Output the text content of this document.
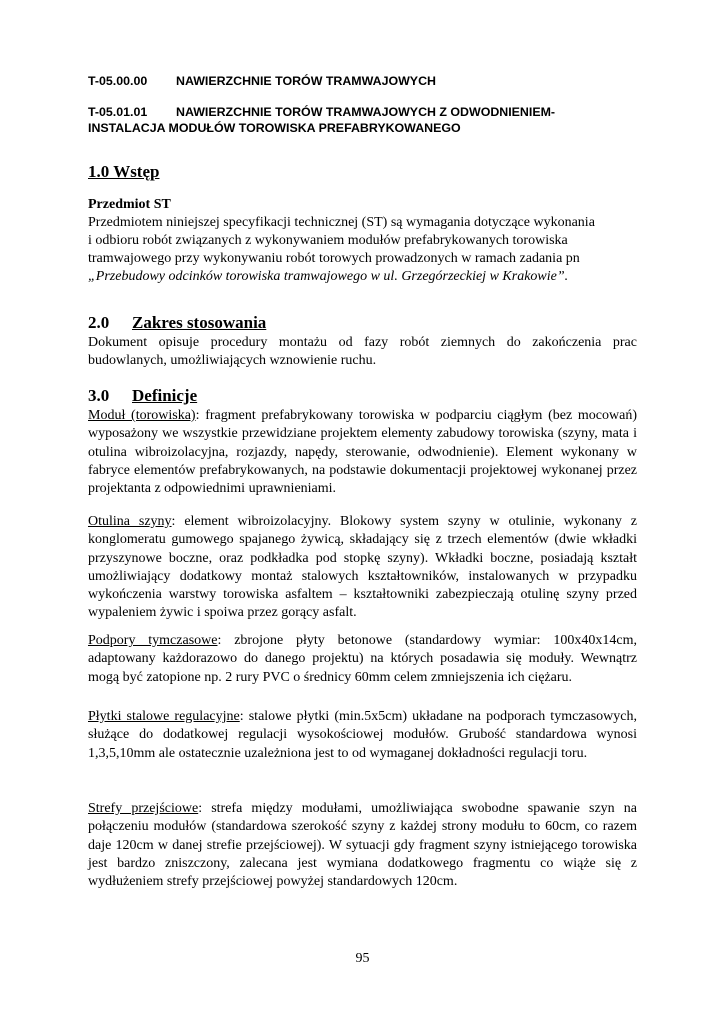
T-05.00.00 NAWIERZCHNIE TORÓW TRAMWAJOWYCH
T-05.01.01 NAWIERZCHNIE TORÓW TRAMWAJOWYCH Z ODWODNIENIEM-
INSTALACJA MODUŁÓW TOROWISKA PREFABRYKOWANEGO
1.0 Wstęp
Przedmiot ST
Przedmiotem niniejszej specyfikacji technicznej (ST) są wymagania dotyczące wykonania
i odbioru robót związanych z wykonywaniem modułów prefabrykowanych torowiska
tramwajowego przy wykonywaniu robót torowych prowadzonych w ramach zadania pn
„Przebudowy odcinków torowiska tramwajowego w ul. Grzegórzeckiej w Krakowie”.
2.0 Zakres stosowania
Dokument opisuje procedury montażu od fazy robót ziemnych do zakończenia prac budowlanych, umożliwiających wznowienie ruchu.
3.0 Definicje
Moduł (torowiska): fragment prefabrykowany torowiska w podparciu ciągłym (bez mocowań) wyposażony we wszystkie przewidziane projektem elementy zabudowy torowiska (szyny, mata i otulina wibroizolacyjna, rozjazdy, napędy, sterowanie, odwodnienie). Element wykonany w fabryce elementów prefabrykowanych, na podstawie dokumentacji projektowej wykonanej przez projektanta z odpowiednimi uprawnieniami.
Otulina szyny: element wibroizolacyjny. Blokowy system szyny w otulinie, wykonany z konglomeratu gumowego spajanego żywicą, składający się z trzech elementów (dwie wkładki przyszynowe boczne, oraz podkładka pod stopkę szyny). Wkładki boczne, posiadają kształt umożliwiający dodatkowy montaż stalowych kształtowników, instalowanych w przypadku wykończenia warstwy torowiska asfaltem – kształtowniki zabezpieczają otulinę szyny przed wypaleniem żywic i spoiwa przez gorący asfalt.
Podpory tymczasowe: zbrojone płyty betonowe (standardowy wymiar: 100x40x14cm, adaptowany każdorazowo do danego projektu) na których posadawia się moduły. Wewnątrz mogą być zatopione np. 2 rury PVC o średnicy 60mm celem zmniejszenia ich ciężaru.
Płytki stalowe regulacyjne: stalowe płytki (min.5x5cm) układane na podporach tymczasowych, służące do dodatkowej regulacji wysokościowej modułów. Grubość standardowa wynosi 1,3,5,10mm ale ostatecznie uzależniona jest to od wymaganej dokładności regulacji toru.
Strefy przejściowe: strefa między modułami, umożliwiająca swobodne spawanie szyn na połączeniu modułów (standardowa szerokość szyny z każdej strony modułu to 60cm, co razem daje 120cm w danej strefie przejściowej). W sytuacji gdy fragment szyny istniejącego torowiska jest bardzo zniszczony, zalecana jest wymiana dodatkowego fragmentu co wiąże się z wydłużeniem strefy przejściowej powyżej standardowych 120cm.
95
